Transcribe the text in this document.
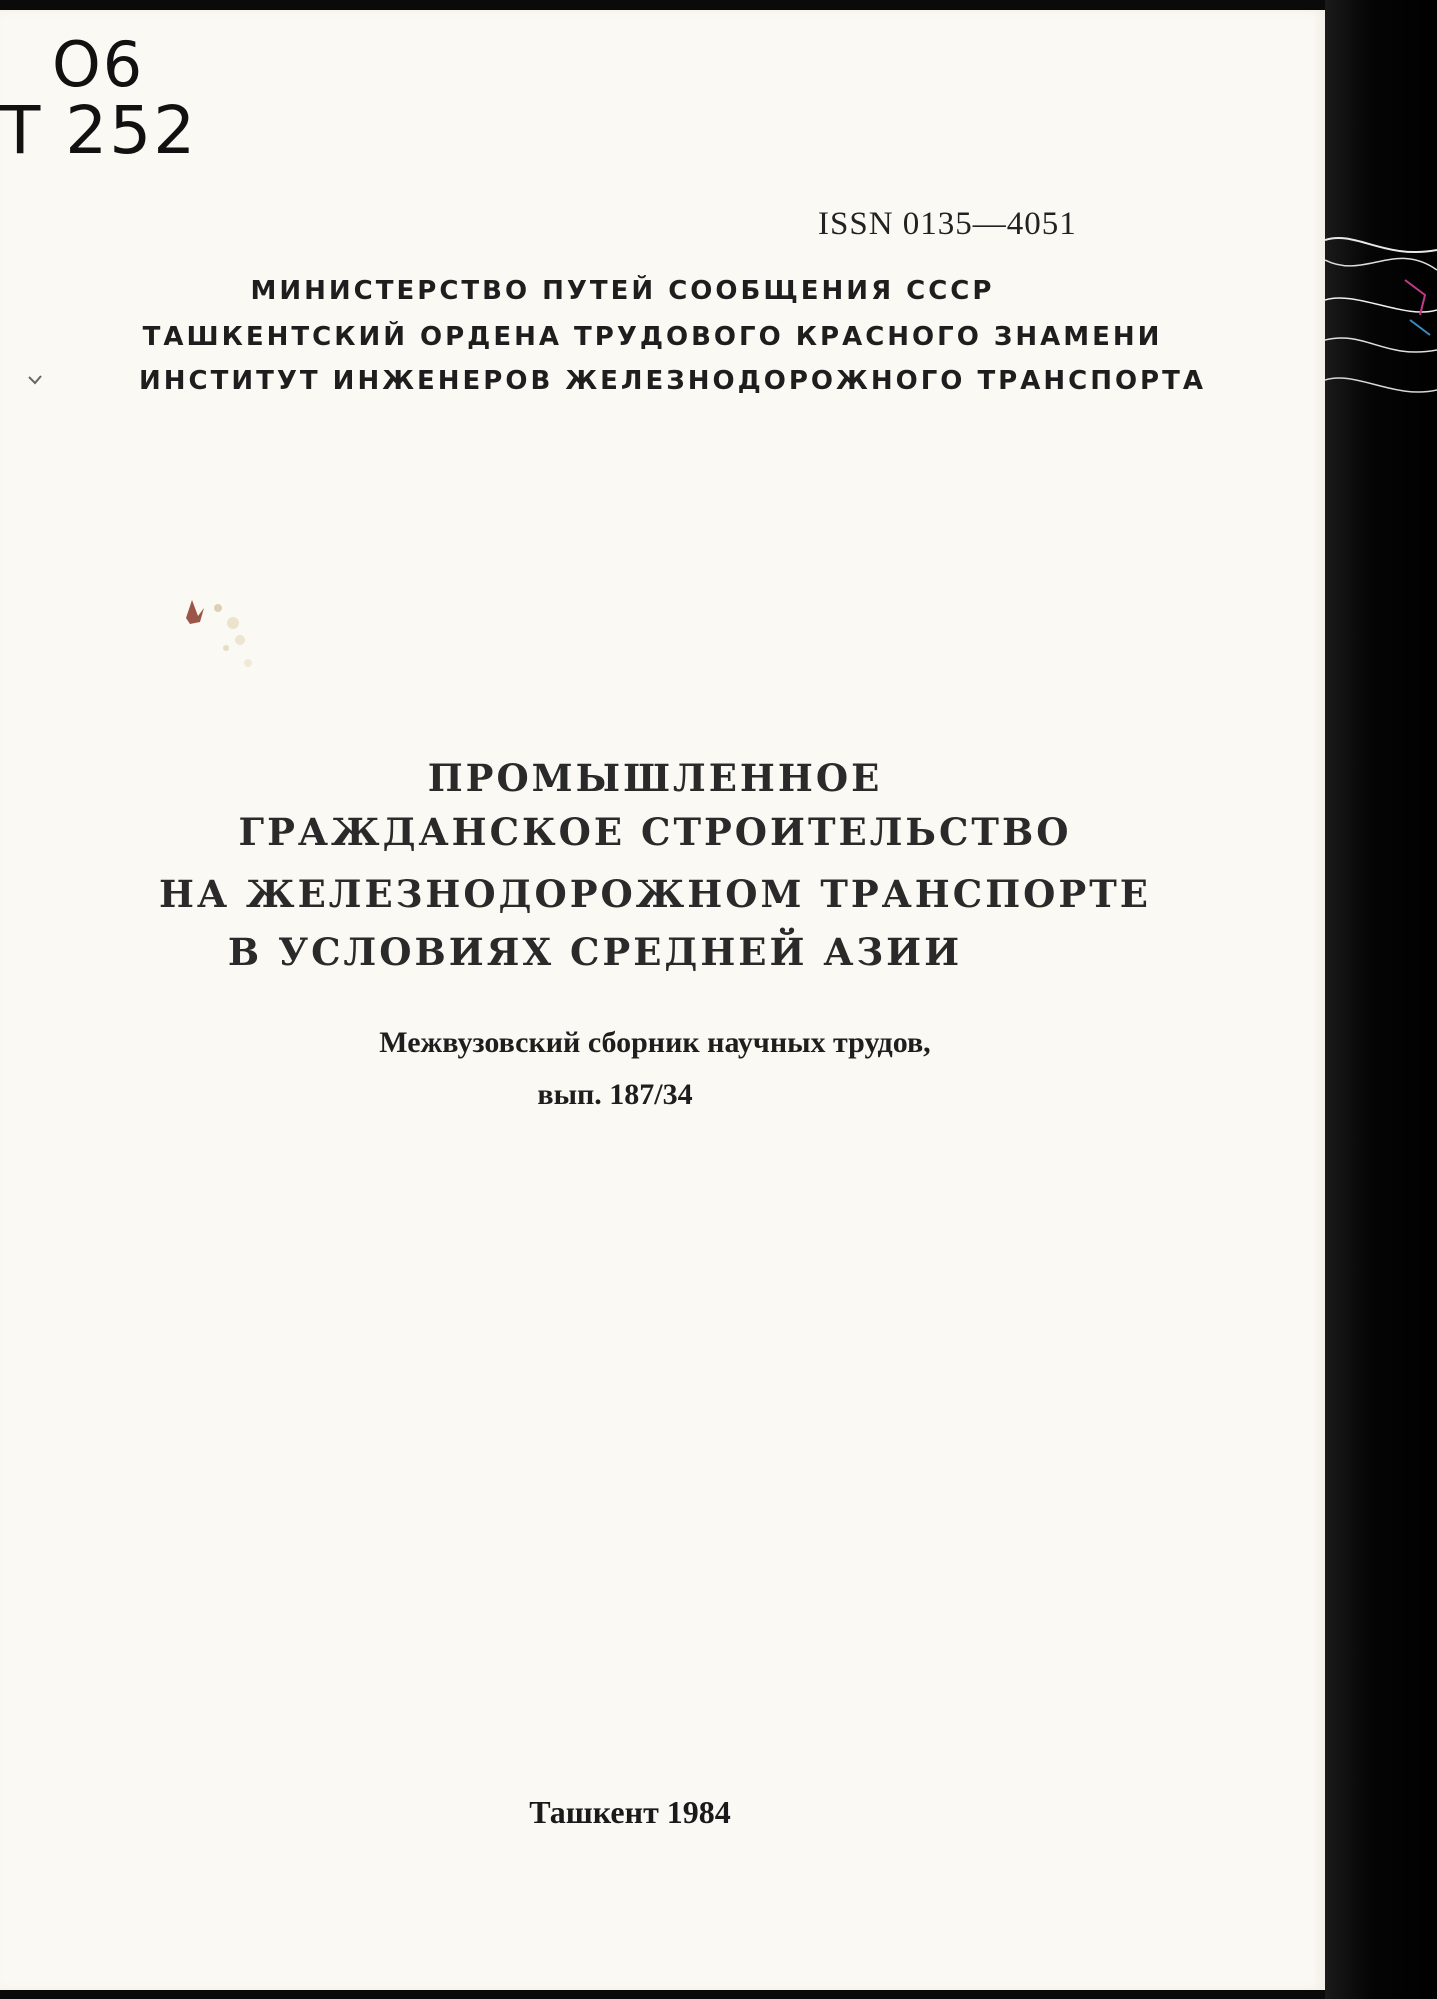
О6
Т 252
ISSN 0135—4051
МИНИСТЕРСТВО ПУТЕЙ СООБЩЕНИЯ СССР
ТАШКЕНТСКИЙ ОРДЕНА ТРУДОВОГО КРАСНОГО ЗНАМЕНИ
ИНСТИТУТ ИНЖЕНЕРОВ ЖЕЛЕЗНОДОРОЖНОГО ТРАНСПОРТА
ПРОМЫШЛЕННОЕ
ГРАЖДАНСКОЕ СТРОИТЕЛЬСТВО
НА ЖЕЛЕЗНОДОРОЖНОМ ТРАНСПОРТЕ
В УСЛОВИЯХ СРЕДНЕЙ АЗИИ
Межвузовский сборник научных трудов,
вып. 187/34
Ташкент 1984
